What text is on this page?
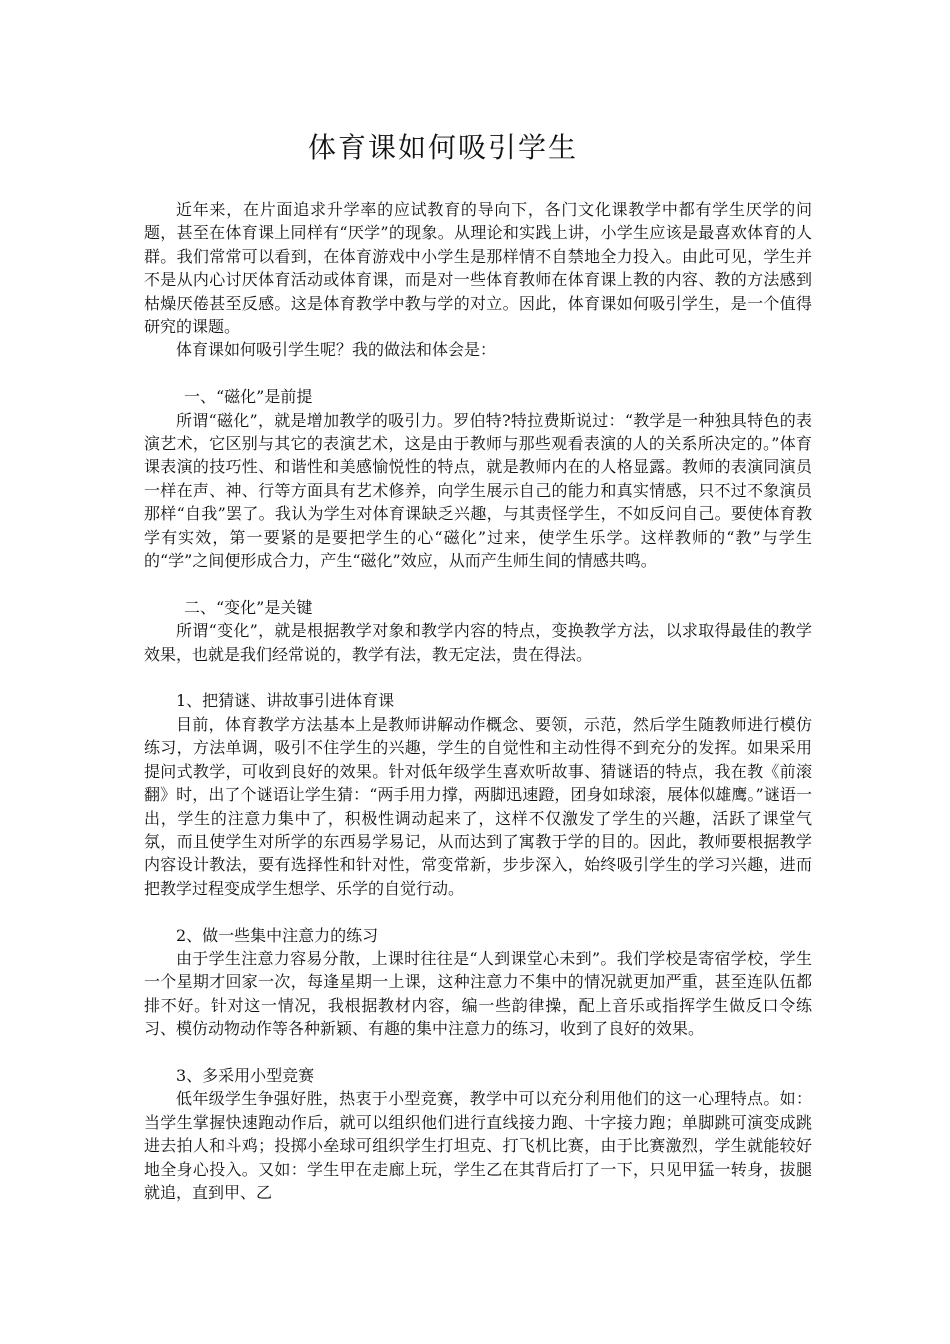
体育课如何吸引学生

近年来，在片面追求升学率的应试教育的导向下，各门文化课教学中都有学生厌学的问题，甚至在体育课上同样有“厌学”的现象。从理论和实践上讲，小学生应该是最喜欢体育的人群。我们常常可以看到，在体育游戏中小学生是那样情不自禁地全力投入。由此可见，学生并不是从内心讨厌体育活动或体育课，而是对一些体育教师在体育课上教的内容、教的方法感到枯燥厌倦甚至反感。这是体育教学中教与学的对立。因此，体育课如何吸引学生，是一个值得研究的课题。

体育课如何吸引学生呢？我的做法和体会是：

一、“磁化”是前提

所谓“磁化”，就是增加教学的吸引力。罗伯特?特拉费斯说过：“教学是一种独具特色的表演艺术，它区别与其它的表演艺术，这是由于教师与那些观看表演的人的关系所决定的。”体育课表演的技巧性、和谐性和美感愉悦性的特点，就是教师内在的人格显露。教师的表演同演员一样在声、神、行等方面具有艺术修养，向学生展示自己的能力和真实情感，只不过不象演员那样“自我”罢了。我认为学生对体育课缺乏兴趣，与其责怪学生，不如反问自己。要使体育教学有实效，第一要紧的是要把学生的心“磁化”过来，使学生乐学。这样教师的“教”与学生的“学”之间便形成合力，产生“磁化”效应，从而产生师生间的情感共鸣。

二、“变化”是关键

所谓“变化”，就是根据教学对象和教学内容的特点，变换教学方法，以求取得最佳的教学效果，也就是我们经常说的，教学有法，教无定法，贵在得法。

1、把猜谜、讲故事引进体育课

目前，体育教学方法基本上是教师讲解动作概念、要领，示范，然后学生随教师进行模仿练习，方法单调，吸引不住学生的兴趣，学生的自觉性和主动性得不到充分的发挥。如果采用提问式教学，可收到良好的效果。针对低年级学生喜欢听故事、猜谜语的特点，我在教《前滚翻》时，出了个谜语让学生猜：“两手用力撑，两脚迅速蹬，团身如球滚，展体似雄鹰。”谜语一出，学生的注意力集中了，积极性调动起来了，这样不仅激发了学生的兴趣，活跃了课堂气氛，而且使学生对所学的东西易学易记，从而达到了寓教于学的目的。因此，教师要根据教学内容设计教法，要有选择性和针对性，常变常新，步步深入，始终吸引学生的学习兴趣，进而把教学过程变成学生想学、乐学的自觉行动。

2、做一些集中注意力的练习

由于学生注意力容易分散，上课时往往是“人到课堂心未到”。我们学校是寄宿学校，学生一个星期才回家一次，每逢星期一上课，这种注意力不集中的情况就更加严重，甚至连队伍都排不好。针对这一情况，我根据教材内容，编一些韵律操，配上音乐或指挥学生做反口令练习、模仿动物动作等各种新颖、有趣的集中注意力的练习，收到了良好的效果。

3、多采用小型竞赛

低年级学生争强好胜，热衷于小型竞赛，教学中可以充分利用他们的这一心理特点。如：当学生掌握快速跑动作后，就可以组织他们进行直线接力跑、十字接力跑；单脚跳可演变成跳进去拍人和斗鸡；投掷小垒球可组织学生打坦克、打飞机比赛，由于比赛激烈，学生就能较好地全身心投入。又如：学生甲在走廊上玩，学生乙在其背后打了一下，只见甲猛一转身，拔腿就追，直到甲、乙
